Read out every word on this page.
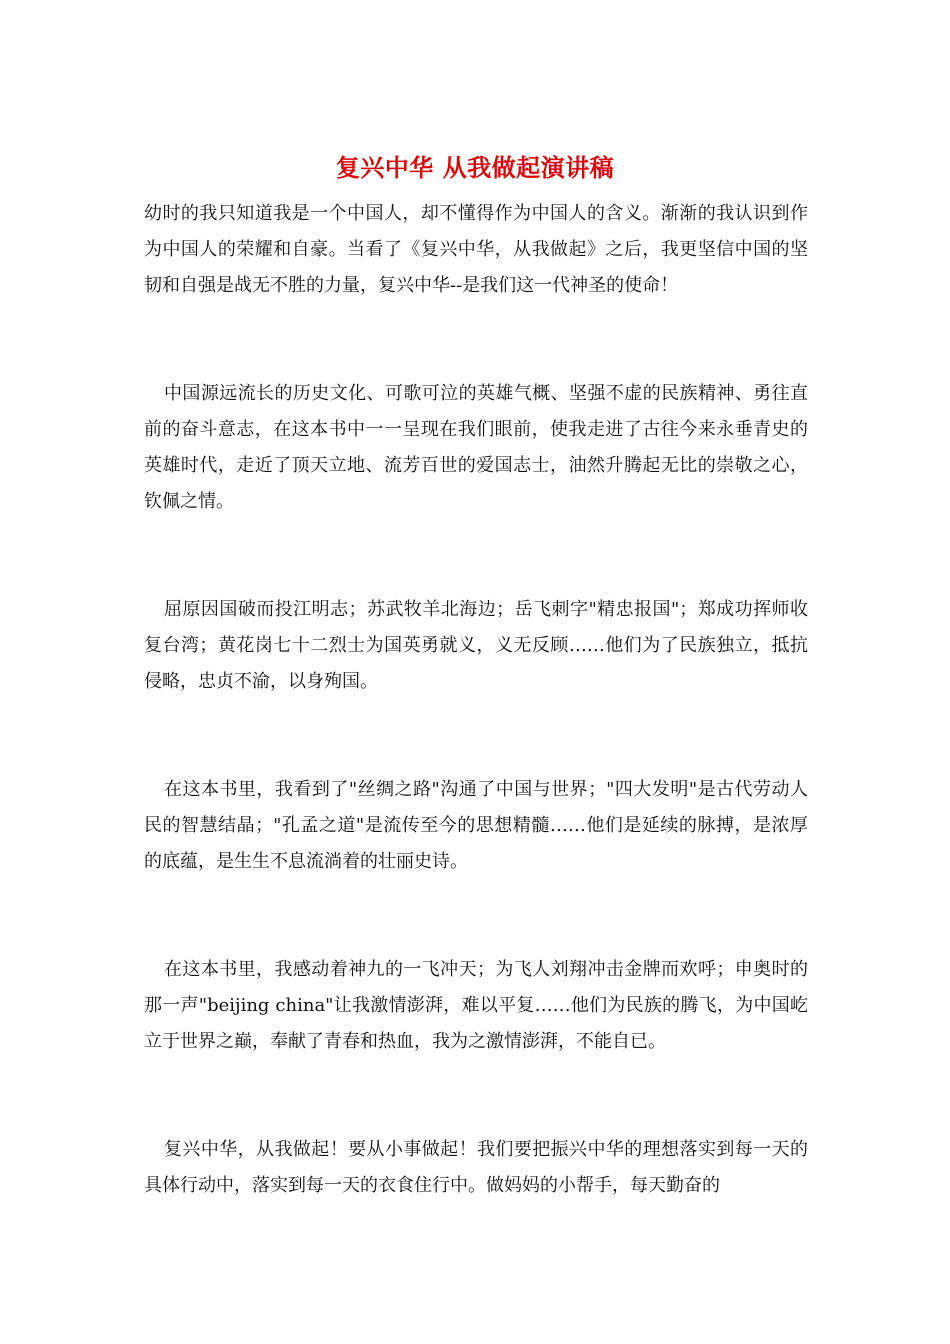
复兴中华 从我做起演讲稿

幼时的我只知道我是一个中国人，却不懂得作为中国人的含义。渐渐的我认识到作为中国人的荣耀和自豪。当看了《复兴中华，从我做起》之后，我更坚信中国的坚韧和自强是战无不胜的力量，复兴中华--是我们这一代神圣的使命！

中国源远流长的历史文化、可歌可泣的英雄气概、坚强不虚的民族精神、勇往直前的奋斗意志，在这本书中一一呈现在我们眼前，使我走进了古往今来永垂青史的英雄时代，走近了顶天立地、流芳百世的爱国志士，油然升腾起无比的崇敬之心，钦佩之情。

屈原因国破而投江明志；苏武牧羊北海边；岳飞刺字"精忠报国"；郑成功挥师收复台湾；黄花岗七十二烈士为国英勇就义，义无反顾……他们为了民族独立，抵抗侵略，忠贞不渝，以身殉国。

在这本书里，我看到了"丝绸之路"沟通了中国与世界；"四大发明"是古代劳动人民的智慧结晶；"孔孟之道"是流传至今的思想精髓……他们是延续的脉搏，是浓厚的底蕴，是生生不息流淌着的壮丽史诗。

在这本书里，我感动着神九的一飞冲天；为飞人刘翔冲击金牌而欢呼；申奥时的那一声"beijing china"让我激情澎湃，难以平复……他们为民族的腾飞，为中国屹立于世界之巅，奉献了青春和热血，我为之激情澎湃，不能自已。

复兴中华，从我做起！要从小事做起！我们要把振兴中华的理想落实到每一天的具体行动中，落实到每一天的衣食住行中。做妈妈的小帮手，每天勤奋的
